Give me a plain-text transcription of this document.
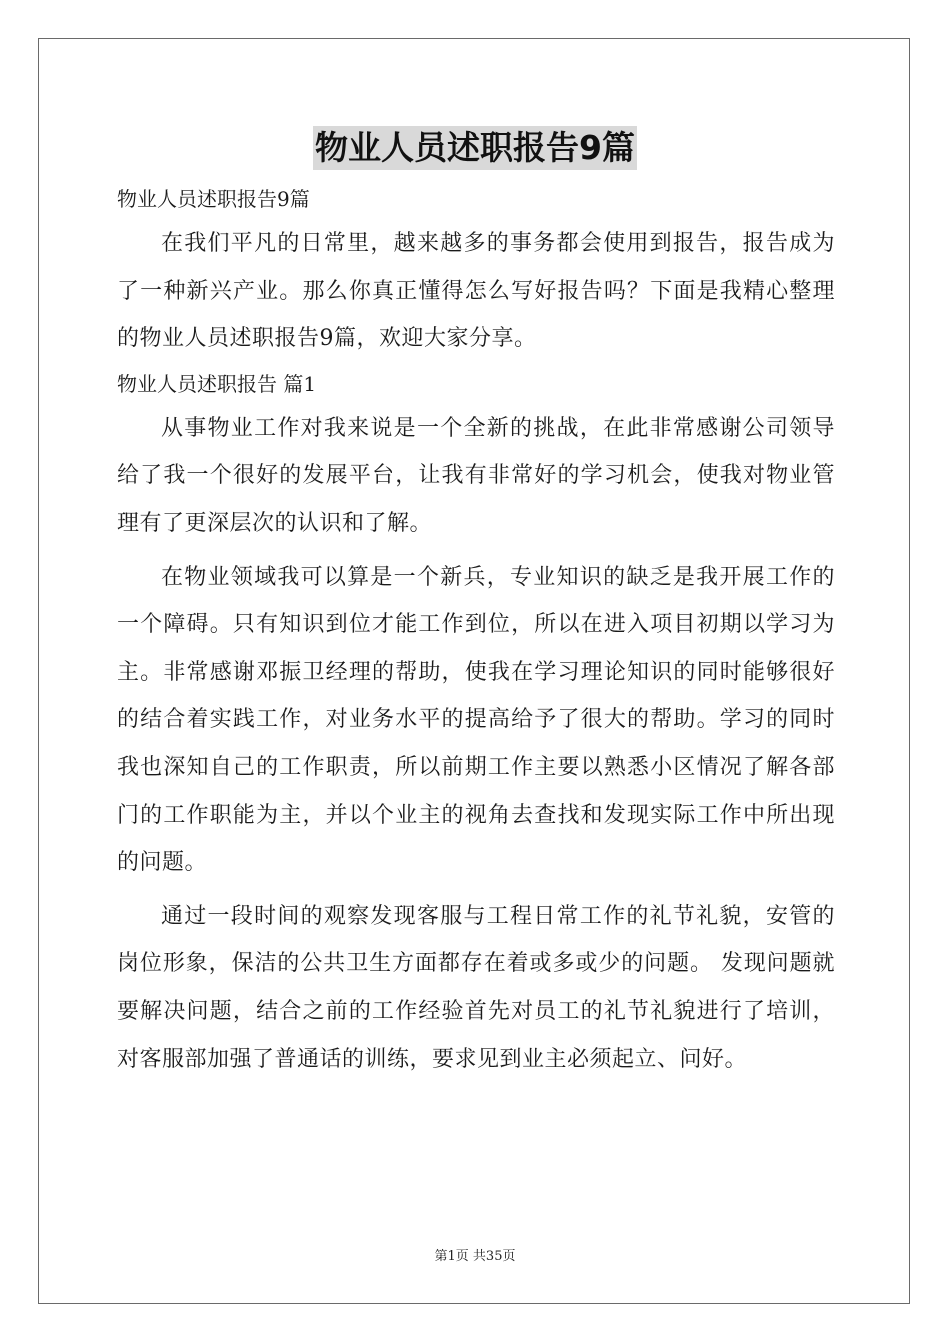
物业人员述职报告9篇

物业人员述职报告9篇

在我们平凡的日常里，越来越多的事务都会使用到报告，报告成为了一种新兴产业。那么你真正懂得怎么写好报告吗？下面是我精心整理的物业人员述职报告9篇，欢迎大家分享。

物业人员述职报告 篇1

从事物业工作对我来说是一个全新的挑战，在此非常感谢公司领导给了我一个很好的发展平台，让我有非常好的学习机会，使我对物业管理有了更深层次的认识和了解。

在物业领域我可以算是一个新兵，专业知识的缺乏是我开展工作的一个障碍。只有知识到位才能工作到位，所以在进入项目初期以学习为主。非常感谢邓振卫经理的帮助，使我在学习理论知识的同时能够很好的结合着实践工作，对业务水平的提高给予了很大的帮助。学习的同时我也深知自己的工作职责，所以前期工作主要以熟悉小区情况了解各部门的工作职能为主，并以个业主的视角去查找和发现实际工作中所出现的问题。

通过一段时间的观察发现客服与工程日常工作的礼节礼貌，安管的岗位形象，保洁的公共卫生方面都存在着或多或少的问题。 发现问题就要解决问题，结合之前的工作经验首先对员工的礼节礼貌进行了培训，对客服部加强了普通话的训练，要求见到业主必须起立、问好。

第1页 共35页
